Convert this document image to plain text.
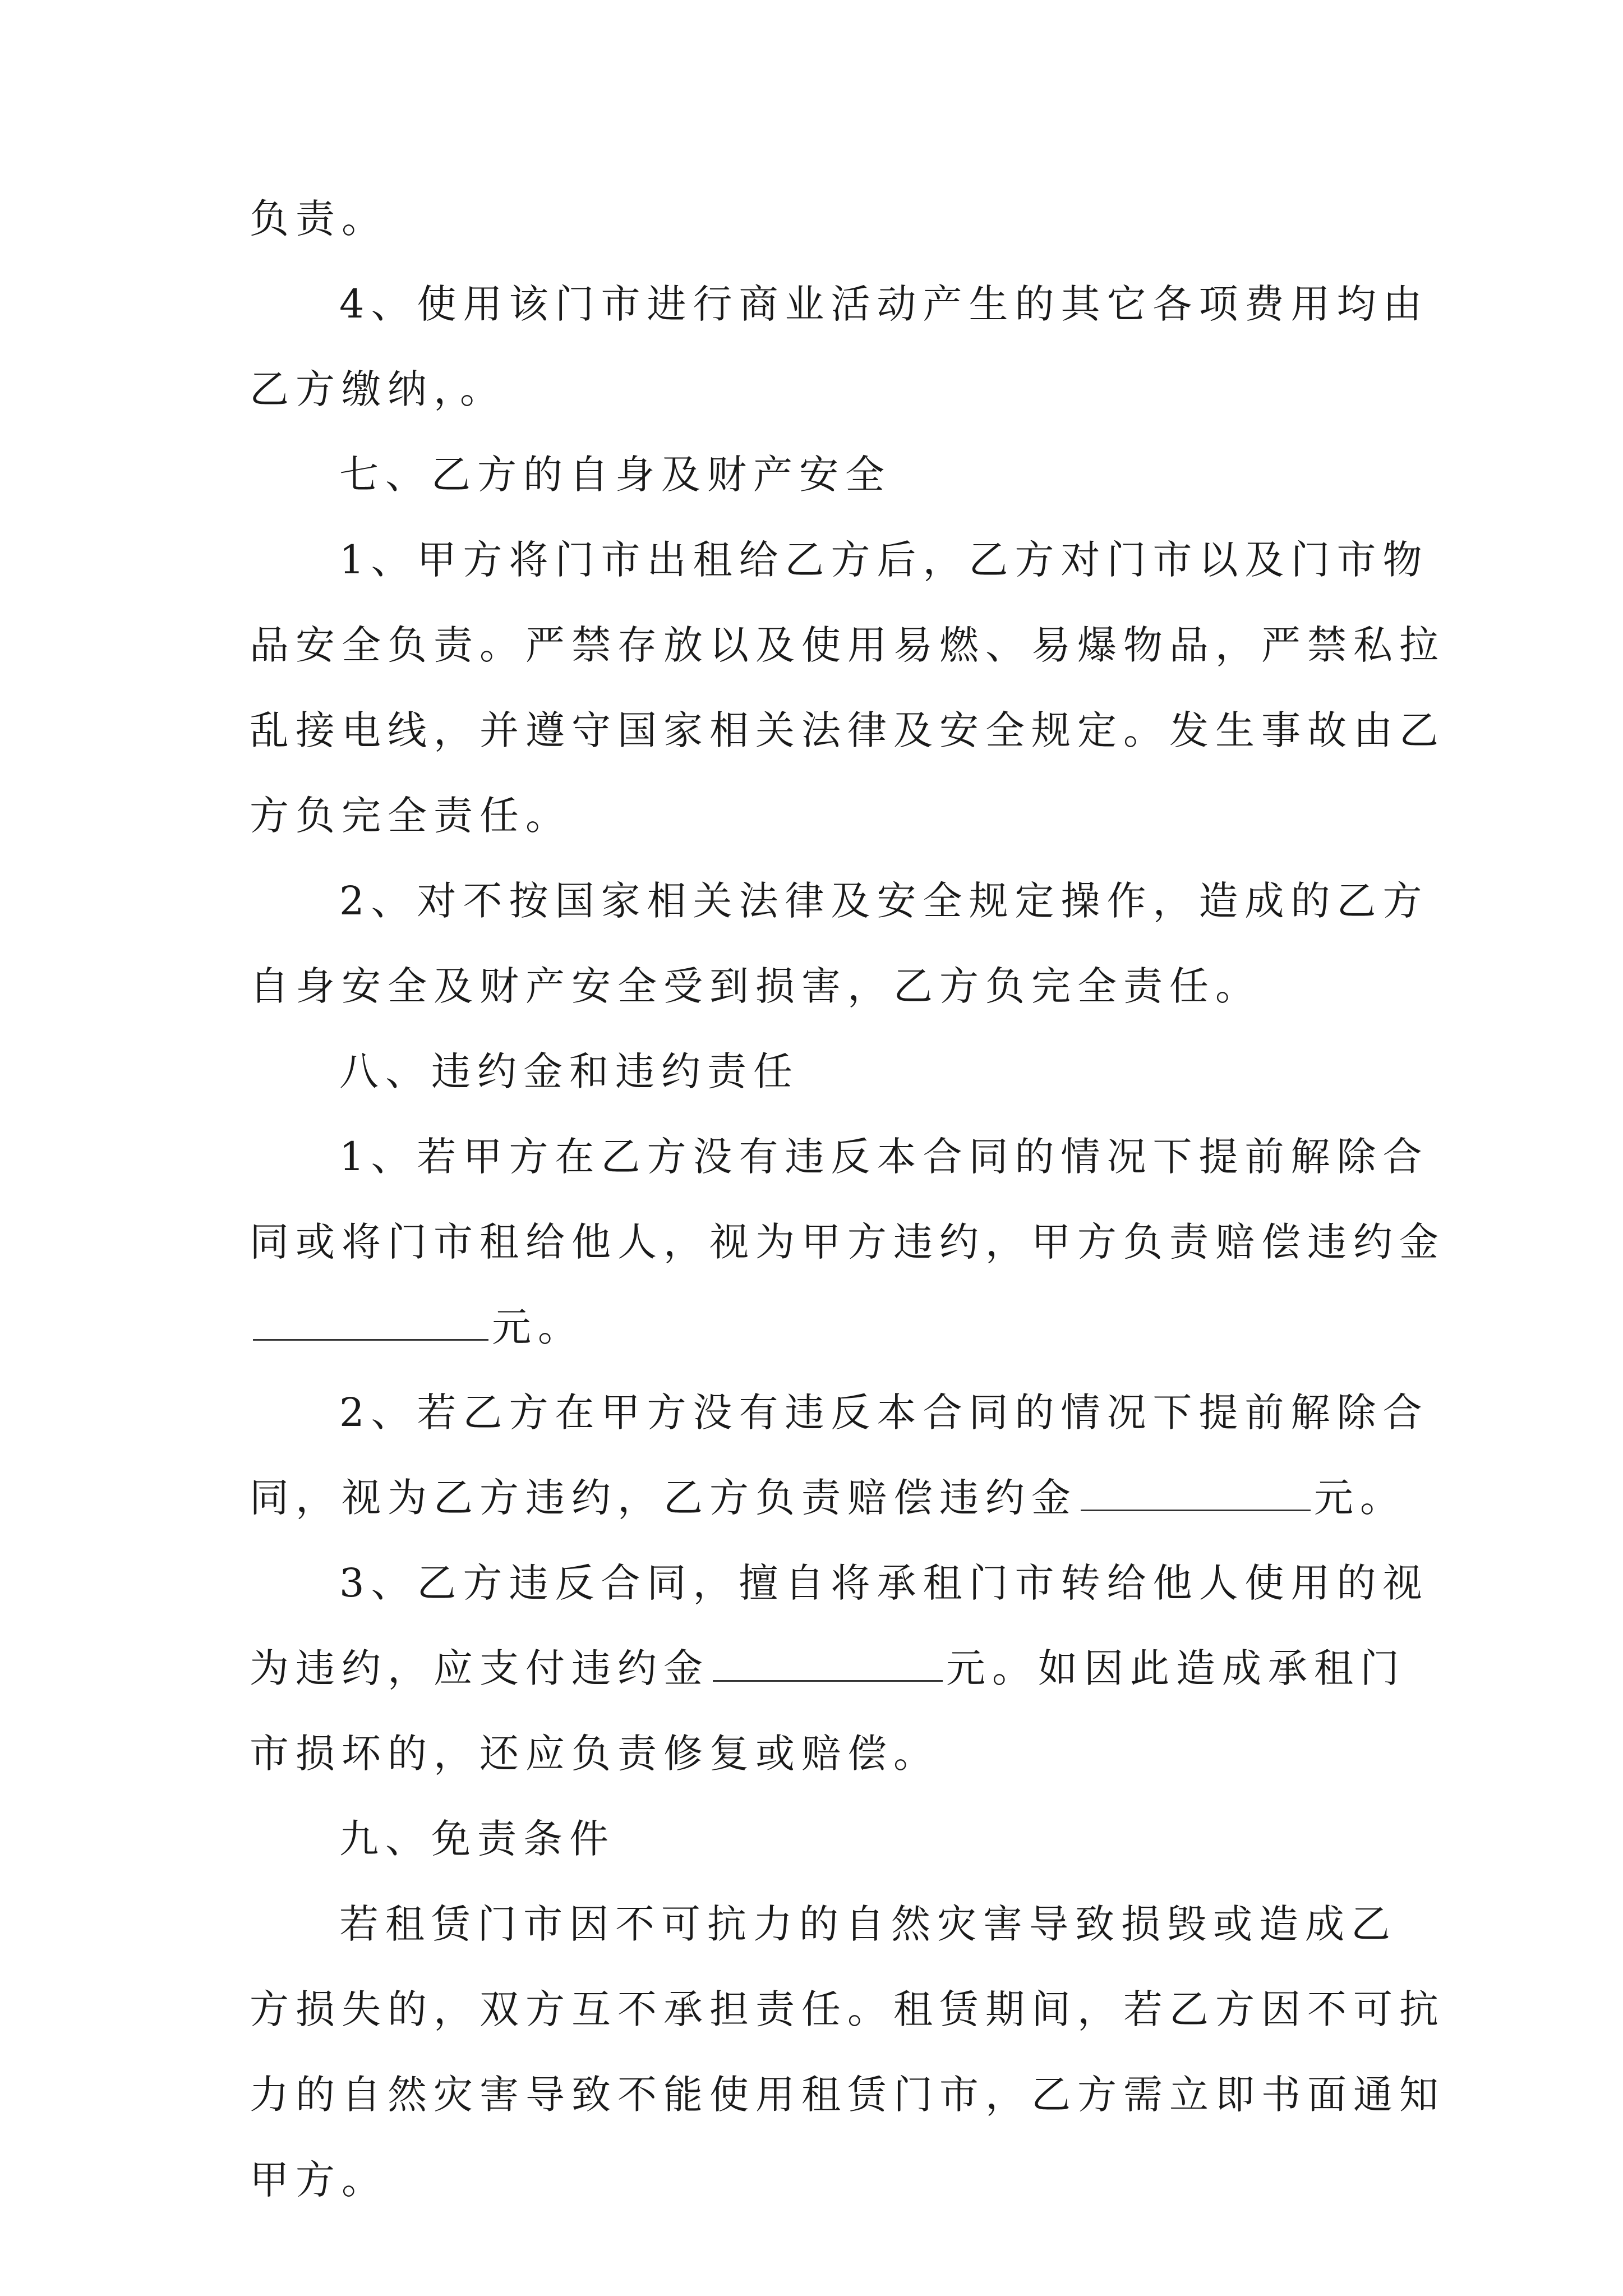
负责。
4、使用该门市进行商业活动产生的其它各项费用均由
乙方缴纳，。
七、乙方的自身及财产安全
1、甲方将门市出租给乙方后，乙方对门市以及门市物
品安全负责。严禁存放以及使用易燃、易爆物品，严禁私拉
乱接电线，并遵守国家相关法律及安全规定。发生事故由乙
方负完全责任。
2、对不按国家相关法律及安全规定操作，造成的乙方
自身安全及财产安全受到损害，乙方负完全责任。
八、违约金和违约责任
1、若甲方在乙方没有违反本合同的情况下提前解除合
同或将门市租给他人，视为甲方违约，甲方负责赔偿违约金
元。
2、若乙方在甲方没有违反本合同的情况下提前解除合
同，视为乙方违约，乙方负责赔偿违约金	元。
3、乙方违反合同，擅自将承租门市转给他人使用的视
为违约，应支付违约金	元。如因此造成承租门
市损坏的，还应负责修复或赔偿。
九、免责条件
若租赁门市因不可抗力的自然灾害导致损毁或造成乙
方损失的，双方互不承担责任。租赁期间，若乙方因不可抗
力的自然灾害导致不能使用租赁门市，乙方需立即书面通知
甲方。
